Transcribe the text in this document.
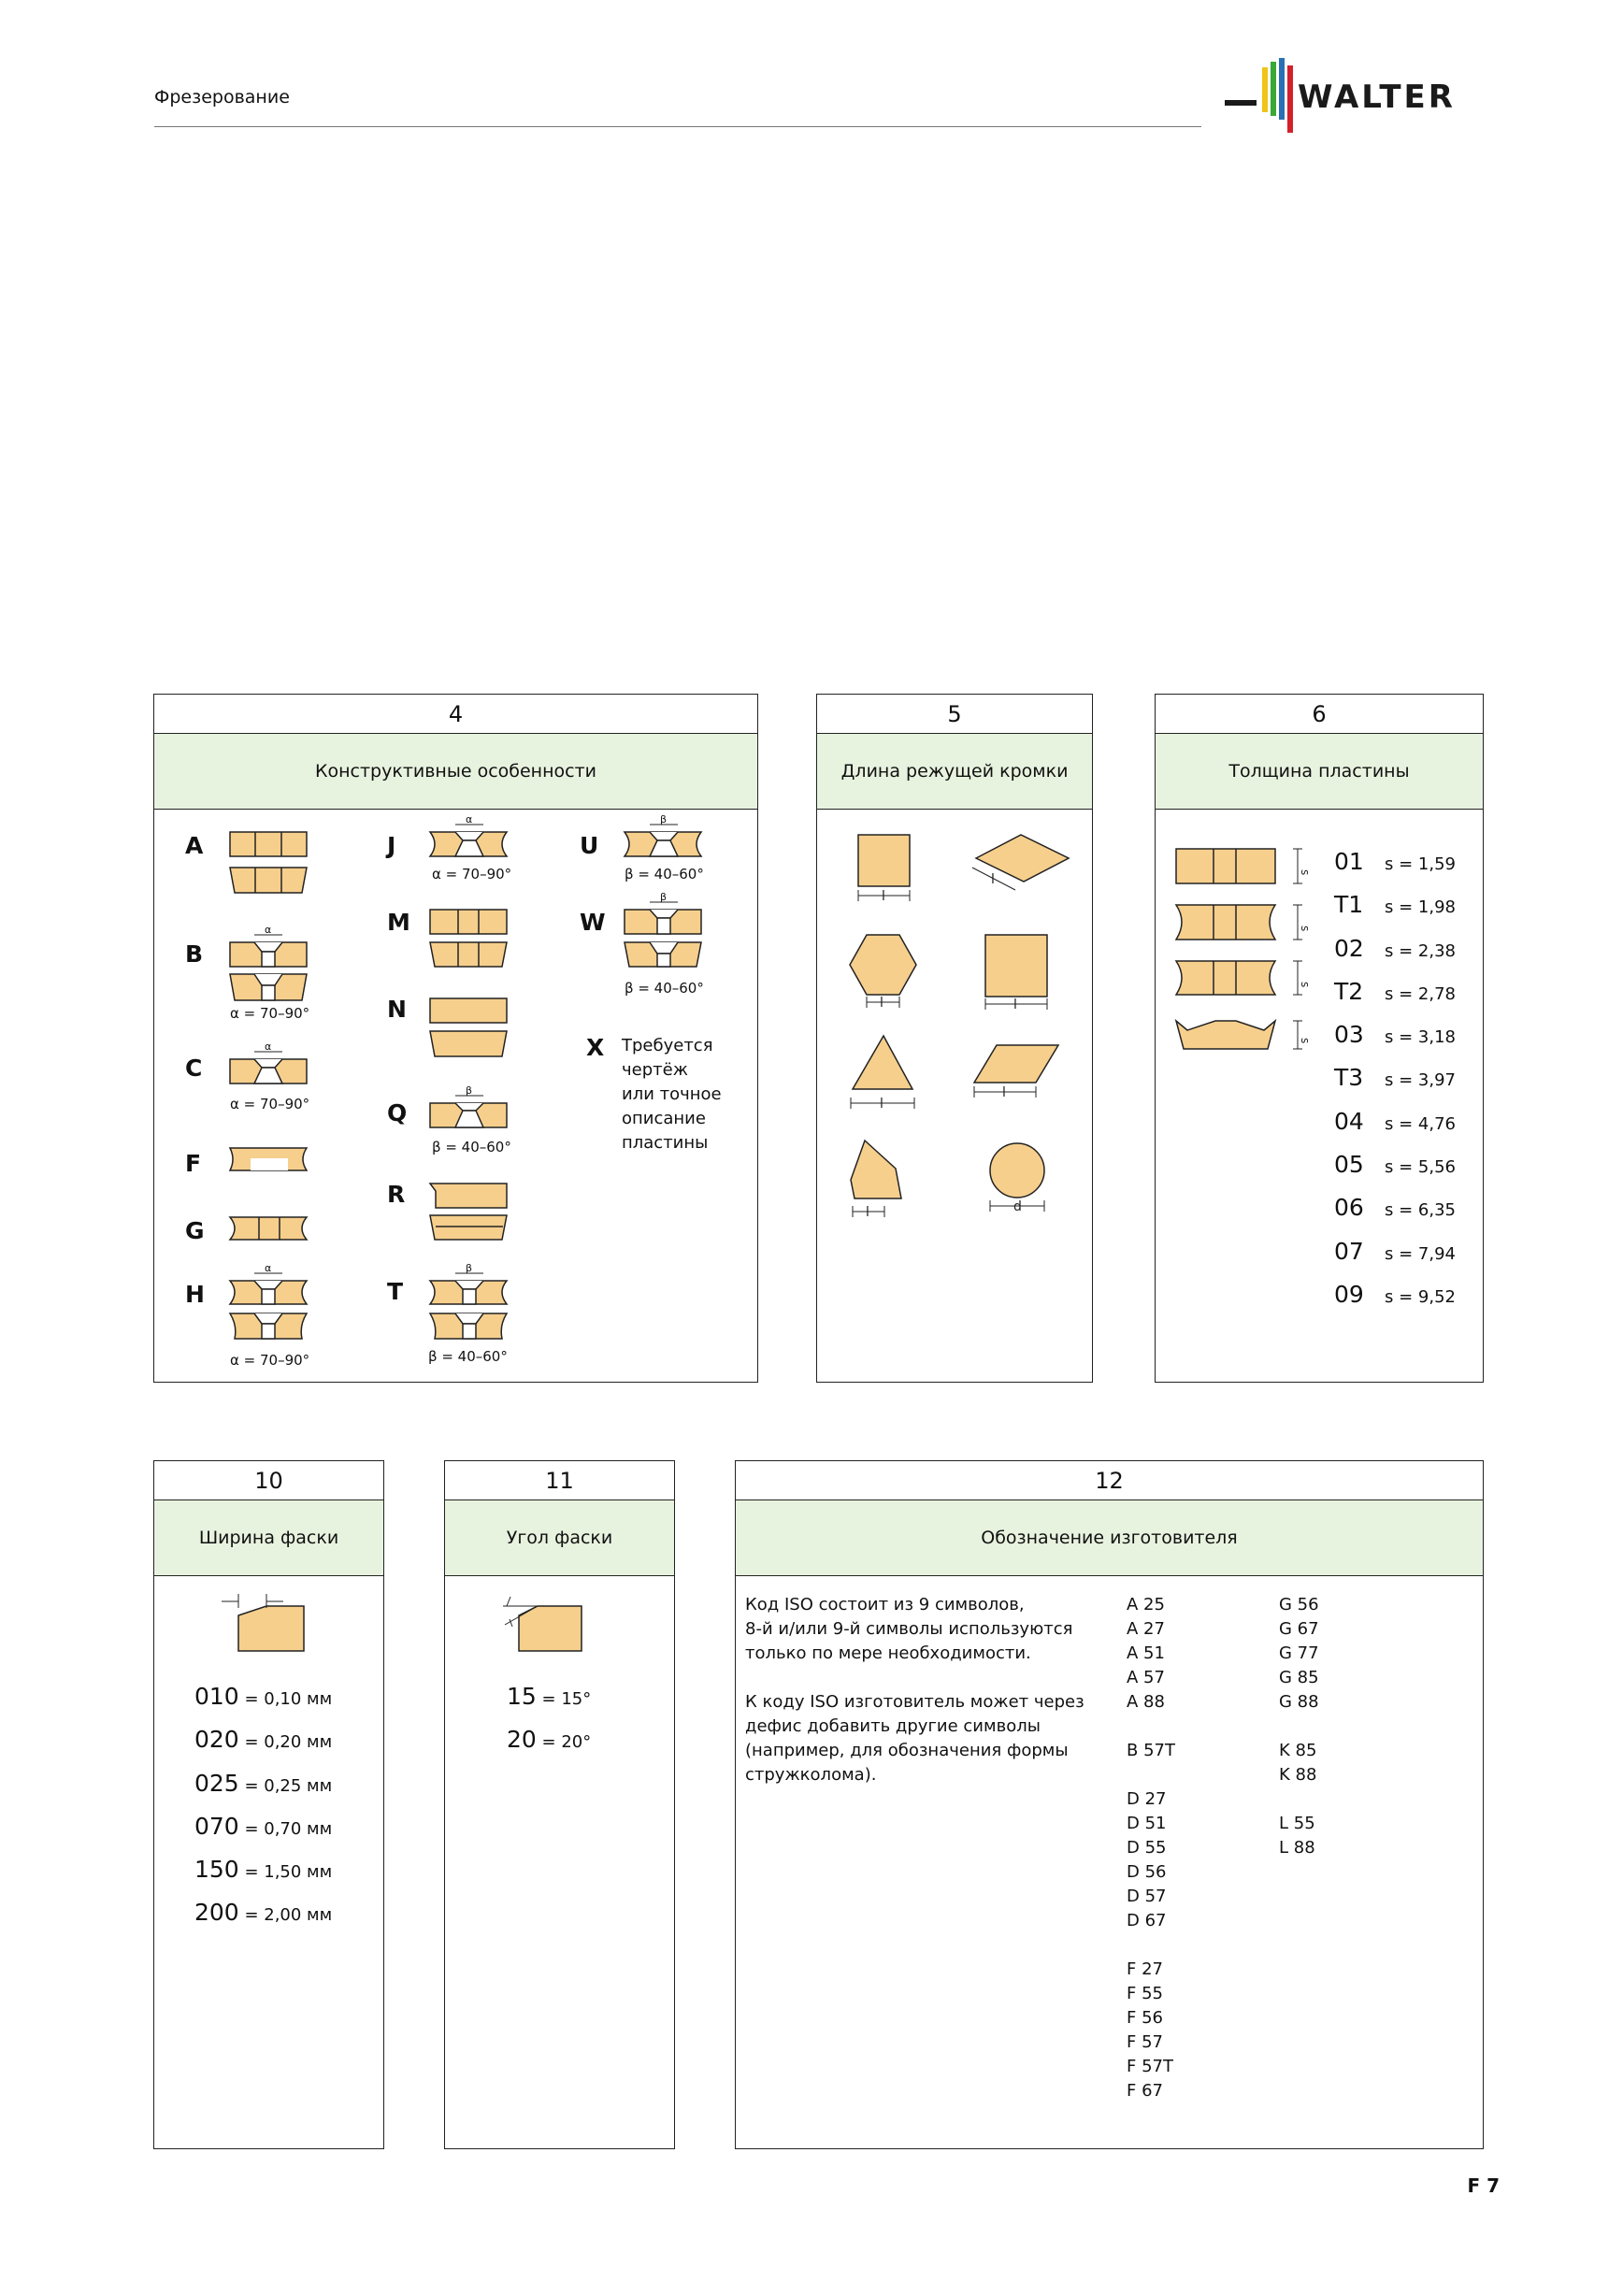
Фрезерование	WALTER
4
Конструктивные особенности
A
B
C
F
G
H
J
M
N
Q
R
T
U
W
X Требуется
чертёж
или точное
описание
пластины
α
α
α
α	β
β
β
β
α = 70–90°
α = 70–90°
α = 70–90°
α = 70–90°	β = 40–60°
β = 40–60°
β = 40–60°
β = 40–60°
5
Длина режущей кромки
l
l
l	l
l
l
l	d
6
Толщина пластины
s
s
s
s
01 s = 1,59
T1 s = 1,98
02 s = 2,38
T2 s = 2,78
03 s = 3,18
T3 s = 3,97
04 s = 4,76
05 s = 5,56
06 s = 6,35
07 s = 7,94
09 s = 9,52
10
Ширина фаски
010 = 0,10 мм
020 = 0,20 мм
025 = 0,25 мм
070 = 0,70 мм
150 = 1,50 мм
200 = 2,00 мм
11
Угол фаски
15 = 15°
20 = 20°
12
Обозначение изготовителя
Код ISO состоит из 9 символов,
8-й и/или 9-й символы используются
только по мере необходимости.
К коду ISO изготовитель может через
дефис добавить другие символы
(например, для обозначения формы
стружколома).
A 25
A 27
A 51
A 57
A 88
B 57T
D 27
D 51
D 55
D 56
D 57
D 67
F 27
F 55
F 56
F 57
F 57T
F 67
G 56
G 67
G 77
G 85
G 88
K 85
K 88
L 55
L 88
F 7
